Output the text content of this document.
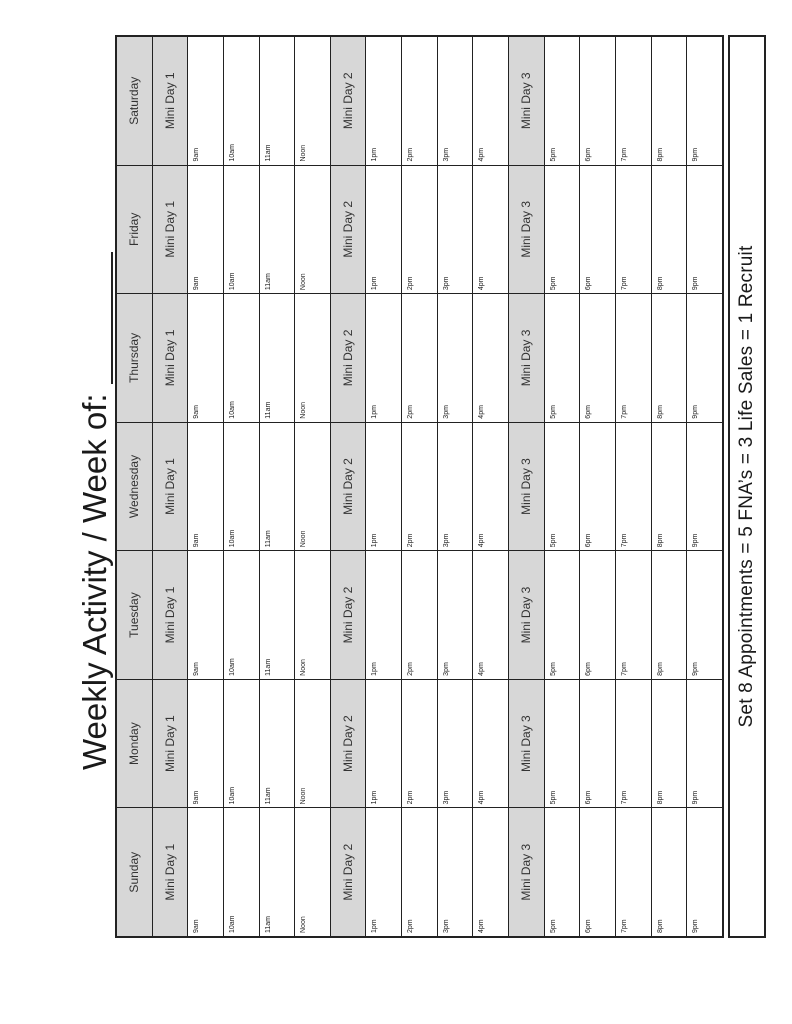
Weekly Activity / Week of:
Sunday
Monday
Tuesday
Wednesday
Thursday
Friday
Saturday
Mini Day 1
Mini Day 1
Mini Day 1
Mini Day 1
Mini Day 1
Mini Day 1
Mini Day 1
9am
9am
9am
9am
9am
9am
9am
10am
10am
10am
10am
10am
10am
10am
11am
11am
11am
11am
11am
11am
11am
Noon
Noon
Noon
Noon
Noon
Noon
Noon
Mini Day 2
Mini Day 2
Mini Day 2
Mini Day 2
Mini Day 2
Mini Day 2
Mini Day 2
1pm
1pm
1pm
1pm
1pm
1pm
1pm
2pm
2pm
2pm
2pm
2pm
2pm
2pm
3pm
3pm
3pm
3pm
3pm
3pm
3pm
4pm
4pm
4pm
4pm
4pm
4pm
4pm
Mini Day 3
Mini Day 3
Mini Day 3
Mini Day 3
Mini Day 3
Mini Day 3
Mini Day 3
5pm
5pm
5pm
5pm
5pm
5pm
5pm
6pm
6pm
6pm
6pm
6pm
6pm
6pm
7pm
7pm
7pm
7pm
7pm
7pm
7pm
8pm
8pm
8pm
8pm
8pm
8pm
8pm
9pm
9pm
9pm
9pm
9pm
9pm
9pm
Set 8 Appointments = 5 FNA’s = 3 Life Sales = 1 Recruit
